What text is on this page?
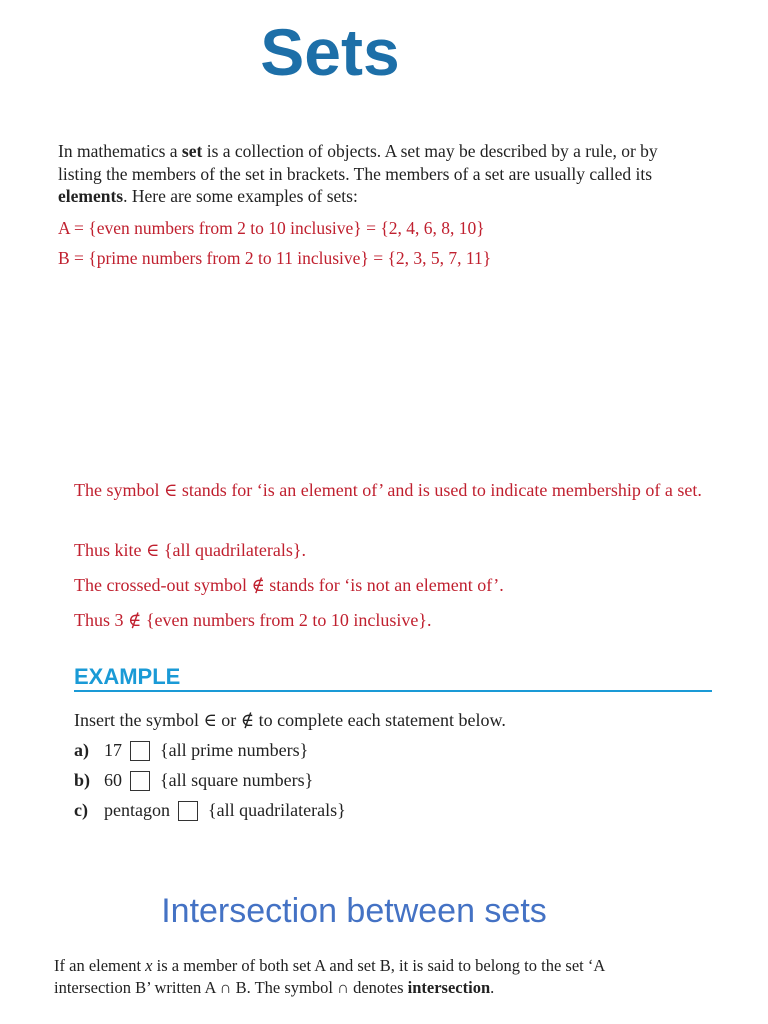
Sets
In mathematics a set is a collection of objects. A set may be described by a rule, or by listing the members of the set in brackets. The members of a set are usually called its elements. Here are some examples of sets:
A = {even numbers from 2 to 10 inclusive} = {2, 4, 6, 8, 10}
B = {prime numbers from 2 to 11 inclusive} = {2, 3, 5, 7, 11}
The symbol ∈ stands for ‘is an element of’ and is used to indicate membership of a set.
Thus kite ∈ {all quadrilaterals}.
The crossed-out symbol ∉ stands for ‘is not an element of’.
Thus 3 ∉ {even numbers from 2 to 10 inclusive}.
EXAMPLE
Insert the symbol ∈ or ∉ to complete each statement below.
a) 17 {all prime numbers}
b) 60 {all square numbers}
c) pentagon {all quadrilaterals}
Intersection between sets
If an element x is a member of both set A and set B, it is said to belong to the set ‘A intersection B’ written A ∩ B. The symbol ∩ denotes intersection.
